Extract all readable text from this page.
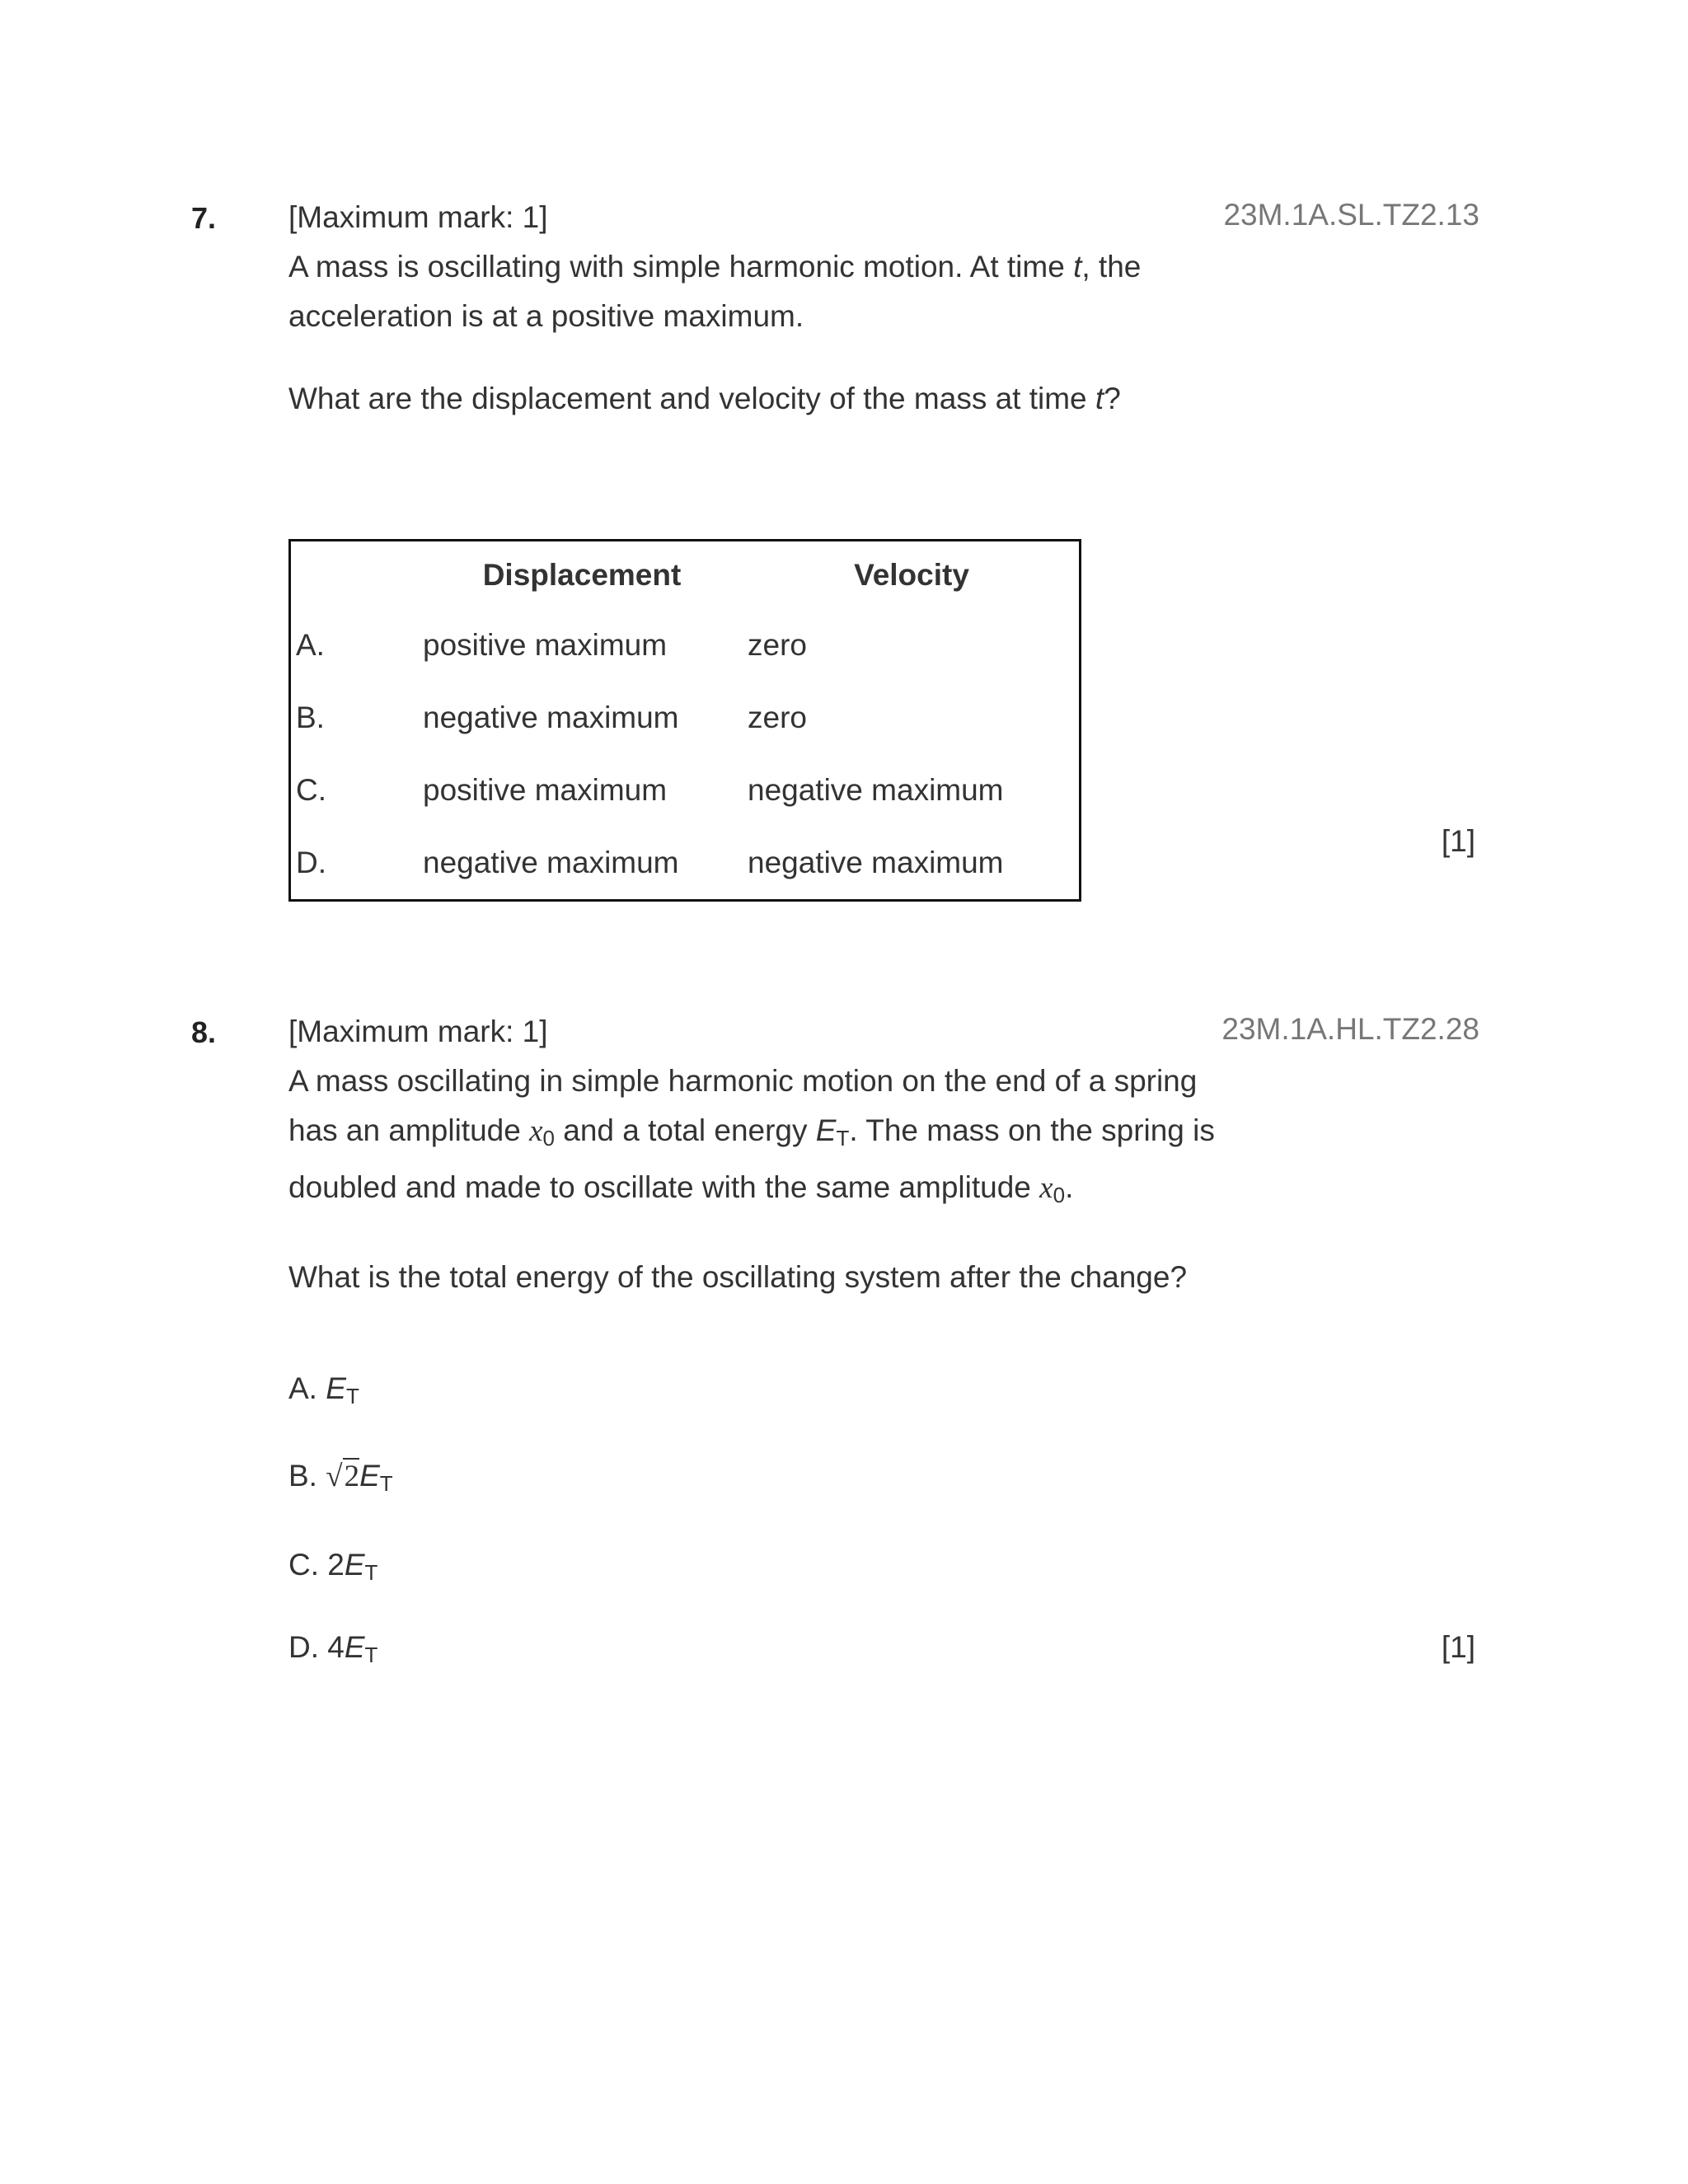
7.	23M.1A.SL.TZ2.13

[Maximum mark: 1]

A mass is oscillating with simple harmonic motion. At time t, the
acceleration is at a positive maximum.

What are the displacement and velocity of the mass at time t?

	Displacement	Velocity
A.	positive maximum	zero
B.	negative maximum	zero
C.	positive maximum	negative maximum
D.	negative maximum	negative maximum
[1]
8.	23M.1A.HL.TZ2.28

[Maximum mark: 1]

A mass oscillating in simple harmonic motion on the end of a spring
has an amplitude $x_0$ and a total energy $E_T$. The mass on the spring is
doubled and made to oscillate with the same amplitude $x_0$.

What is the total energy of the oscillating system after the change?

A. $E_T$
B. $√2E_T$
C. $2E_T$
D. $4E_T$	[1]
